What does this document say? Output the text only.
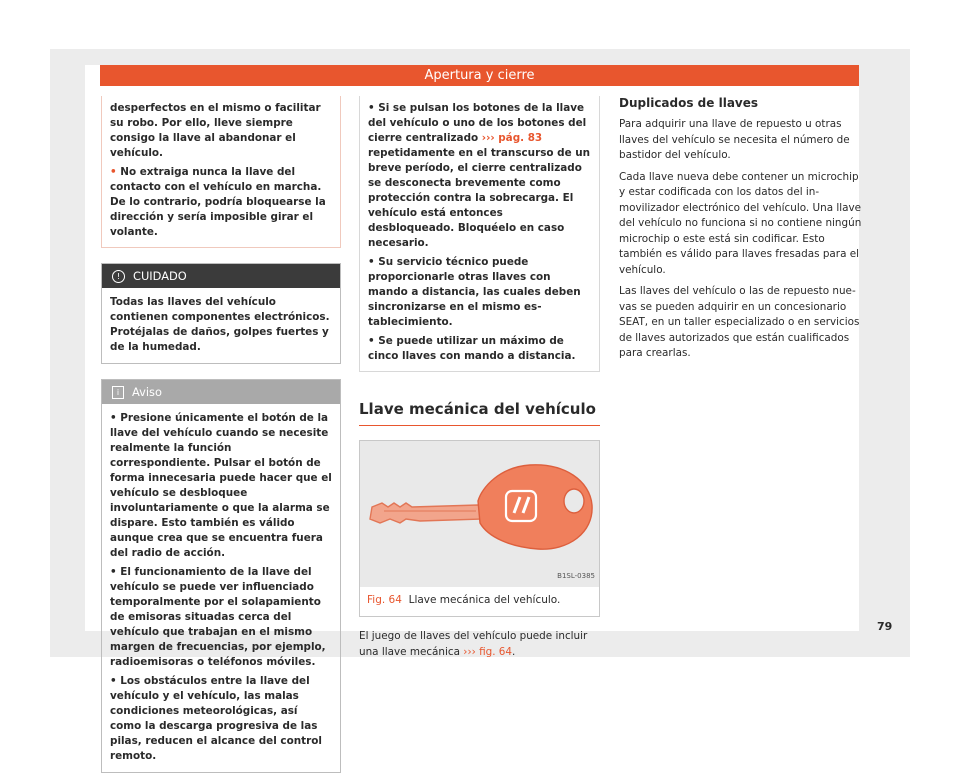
Apertura y cierre

desperfectos en el mismo o facilitar su robo. Por ello, lleve siempre consigo la llave al abandonar el vehículo.

• No extraiga nunca la llave del contacto con el vehículo en marcha. De lo contrario, podría bloquearse la dirección y sería imposible girar el volante.

! CUIDADO
Todas las llaves del vehículo contienen componentes electrónicos. Protéjalas de daños, golpes fuertes y de la humedad.
i Aviso

• Presione únicamente el botón de la llave del vehículo cuando se necesite realmente la función correspondiente. Pulsar el botón de forma innecesaria puede hacer que el vehículo se desbloquee involuntariamente o que la alarma se dispare. Esto también es válido aunque crea que se encuentra fuera del radio de acción.

• El funcionamiento de la llave del vehículo se puede ver influenciado temporalmente por el solapamiento de emisoras situadas cerca del vehículo que trabajan en el mismo margen de frecuencias, por ejemplo, radioemisoras o teléfonos móviles.

• Los obstáculos entre la llave del vehículo y el vehículo, las malas condiciones meteorológicas, así como la descarga progresiva de las pilas, reducen el alcance del control remoto.

• Si se pulsan los botones de la llave del vehículo o uno de los botones del cierre centralizado ››› pág. 83 repetidamente en el transcurso de un breve período, el cierre centralizado se desconecta brevemente como protección contra la sobrecarga. El vehículo está entonces desbloqueado. Bloquéelo en caso necesario.

• Su servicio técnico puede proporcionarle otras llaves con mando a distancia, las cuales deben sincronizarse en el mismo establecimiento.

• Se puede utilizar un máximo de cinco llaves con mando a distancia.

Llave mecánica del vehículo
B1SL-0385
Fig. 64 Llave mecánica del vehículo.

El juego de llaves del vehículo puede incluir una llave mecánica ››› fig. 64.

Duplicados de llaves

Para adquirir una llave de repuesto u otras llaves del vehículo se necesita el número de bastidor del vehículo.

Cada llave nueva debe contener un microchip y estar codificada con los datos del inmovilizador electrónico del vehículo. Una llave del vehículo no funciona si no contiene ningún microchip o este está sin codificar. Esto también es válido para llaves fresadas para el vehículo.

Las llaves del vehículo o las de repuesto nuevas se pueden adquirir en un concesionario SEAT, en un taller especializado o en servicios de llaves autorizados que están cualificados para crearlas.

79
